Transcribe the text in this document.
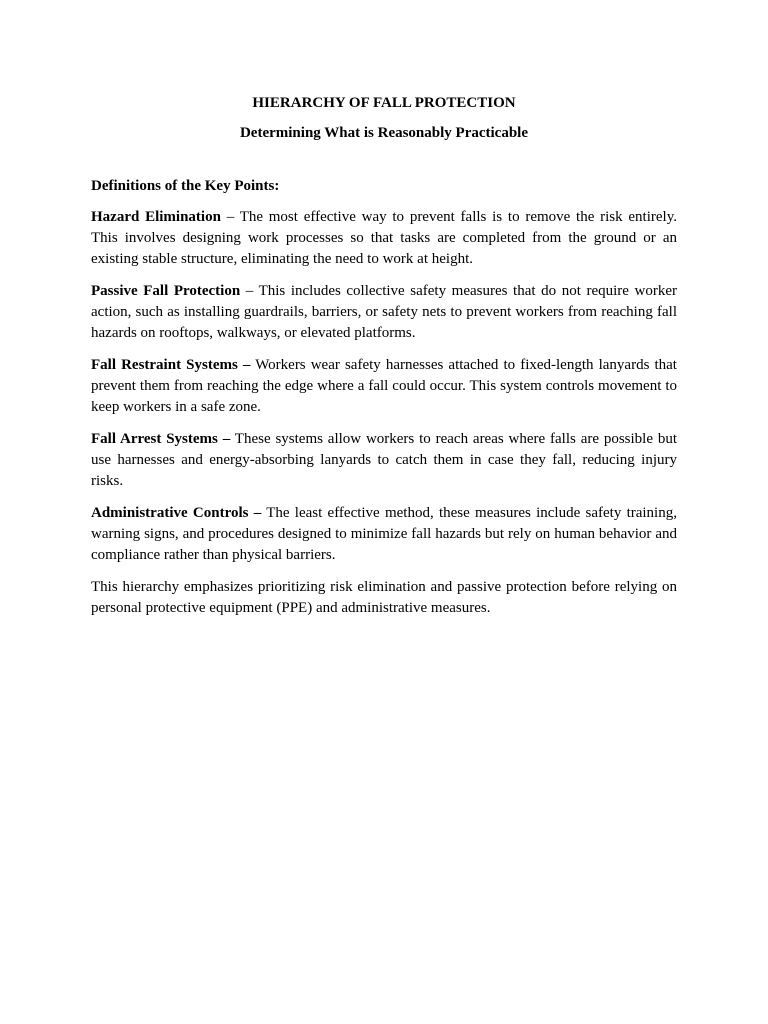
HIERARCHY OF FALL PROTECTION

Determining What is Reasonably Practicable

Definitions of the Key Points:

Hazard Elimination – The most effective way to prevent falls is to remove the risk entirely. This involves designing work processes so that tasks are completed from the ground or an existing stable structure, eliminating the need to work at height.

Passive Fall Protection – This includes collective safety measures that do not require worker action, such as installing guardrails, barriers, or safety nets to prevent workers from reaching fall hazards on rooftops, walkways, or elevated platforms.

Fall Restraint Systems – Workers wear safety harnesses attached to fixed-length lanyards that prevent them from reaching the edge where a fall could occur. This system controls movement to keep workers in a safe zone.

Fall Arrest Systems – These systems allow workers to reach areas where falls are possible but use harnesses and energy-absorbing lanyards to catch them in case they fall, reducing injury risks.

Administrative Controls – The least effective method, these measures include safety training, warning signs, and procedures designed to minimize fall hazards but rely on human behavior and compliance rather than physical barriers.

This hierarchy emphasizes prioritizing risk elimination and passive protection before relying on personal protective equipment (PPE) and administrative measures.
